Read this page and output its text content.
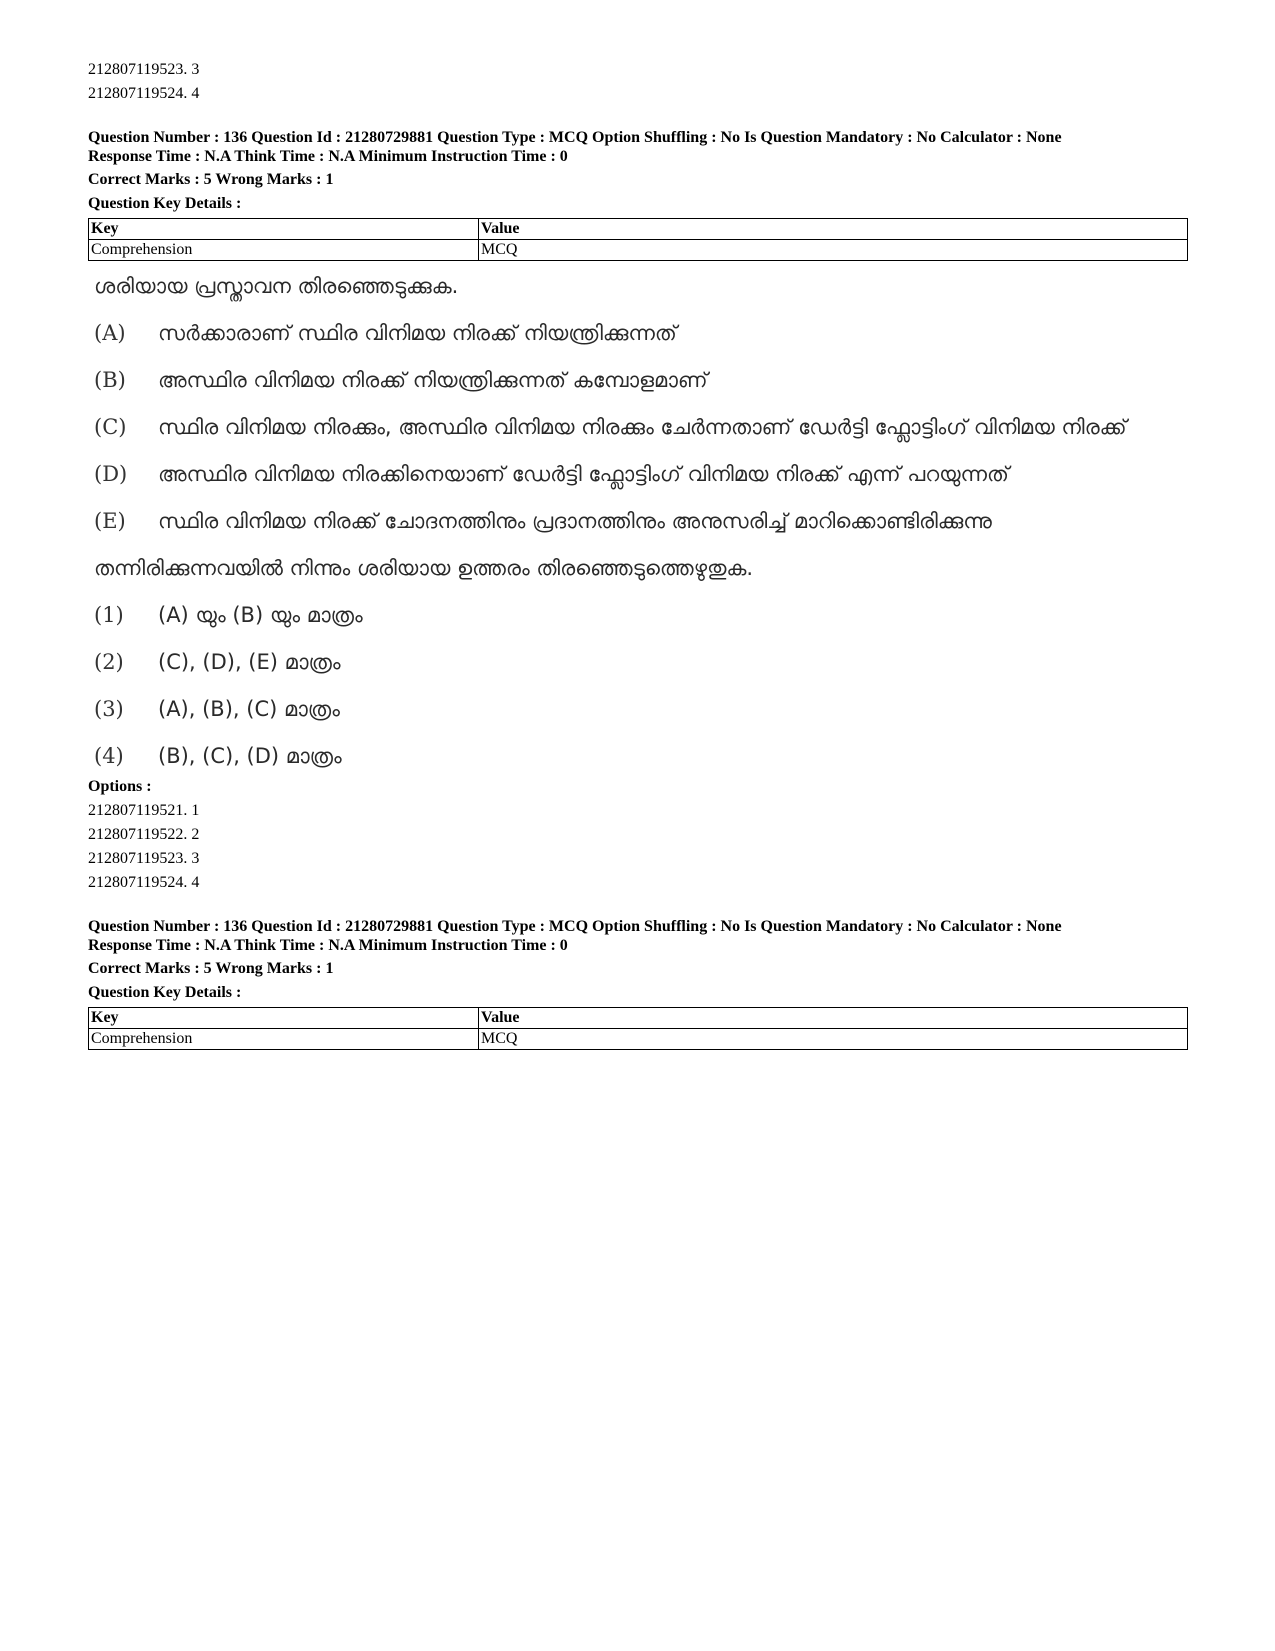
212807119523. 3
212807119524. 4
Question Number : 136 Question Id : 21280729881 Question Type : MCQ Option Shuffling : No Is Question Mandatory : No Calculator : None
Response Time : N.A Think Time : N.A Minimum Instruction Time : 0
Correct Marks : 5 Wrong Marks : 1
Question Key Details :
Key	Value
Comprehension	MCQ
ശരിയായ പ്രസ്താവന തിരഞ്ഞെടുക്കുക.
(A)	സർക്കാരാണ് സ്ഥിര വിനിമയ നിരക്ക് നിയന്ത്രിക്കുന്നത്
(B)	അസ്ഥിര വിനിമയ നിരക്ക് നിയന്ത്രിക്കുന്നത് കമ്പോളമാണ്
(C)	സ്ഥിര വിനിമയ നിരക്കും, അസ്ഥിര വിനിമയ നിരക്കും ചേർന്നതാണ് ഡേർട്ടി ഫ്ലോട്ടിംഗ് വിനിമയ നിരക്ക്
(D)	അസ്ഥിര വിനിമയ നിരക്കിനെയാണ് ഡേർട്ടി ഫ്ലോട്ടിംഗ് വിനിമയ നിരക്ക് എന്ന് പറയുന്നത്
(E)	സ്ഥിര വിനിമയ നിരക്ക് ചോദനത്തിനും പ്രദാനത്തിനും അനുസരിച്ച് മാറിക്കൊണ്ടിരിക്കുന്നു
തന്നിരിക്കുന്നവയിൽ നിന്നും ശരിയായ ഉത്തരം തിരഞ്ഞെടുത്തെഴുതുക.
(1)	(A) യും (B) യും മാത്രം
(2)	(C), (D), (E) മാത്രം
(3)	(A), (B), (C) മാത്രം
(4)	(B), (C), (D) മാത്രം
Options :
212807119521. 1
212807119522. 2
212807119523. 3
212807119524. 4
Question Number : 136 Question Id : 21280729881 Question Type : MCQ Option Shuffling : No Is Question Mandatory : No Calculator : None
Response Time : N.A Think Time : N.A Minimum Instruction Time : 0
Correct Marks : 5 Wrong Marks : 1
Question Key Details :
Key	Value
Comprehension	MCQ
